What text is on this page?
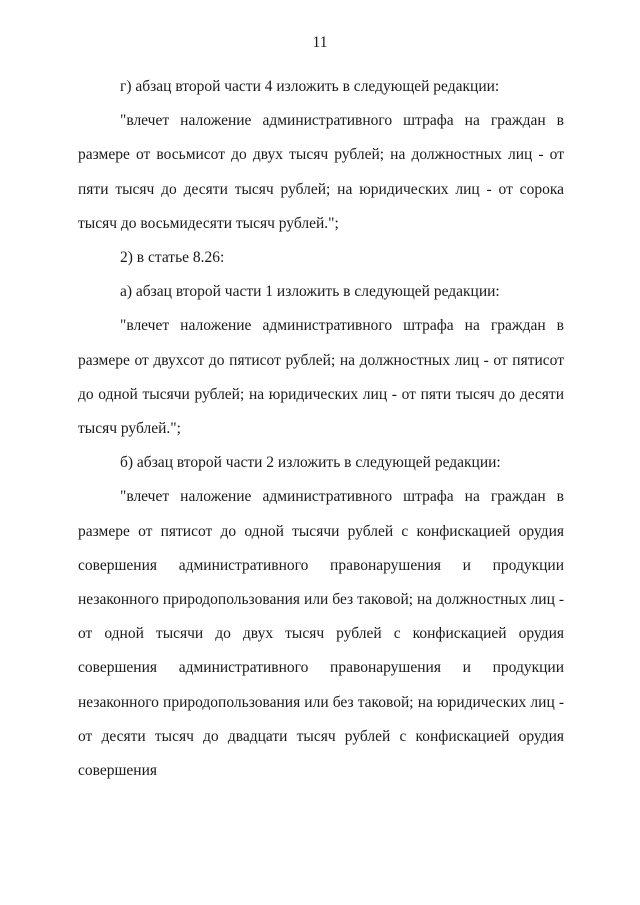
11

г) абзац второй части 4 изложить в следующей редакции:

"влечет наложение административного штрафа на граждан в размере от восьмисот до двух тысяч рублей; на должностных лиц - от пяти тысяч до десяти тысяч рублей; на юридических лиц - от сорока тысяч до восьмидесяти тысяч рублей.";

2) в статье 8.26:

а) абзац второй части 1 изложить в следующей редакции:

"влечет наложение административного штрафа на граждан в размере от двухсот до пятисот рублей; на должностных лиц - от пятисот до одной тысячи рублей; на юридических лиц - от пяти тысяч до десяти тысяч рублей.";

б) абзац второй части 2 изложить в следующей редакции:

"влечет наложение административного штрафа на граждан в размере от пятисот до одной тысячи рублей с конфискацией орудия совершения административного правонарушения и продукции незаконного природопользования или без таковой; на должностных лиц - от одной тысячи до двух тысяч рублей с конфискацией орудия совершения административного правонарушения и продукции незаконного природопользования или без таковой; на юридических лиц - от десяти тысяч до двадцати тысяч рублей с конфискацией орудия совершения
